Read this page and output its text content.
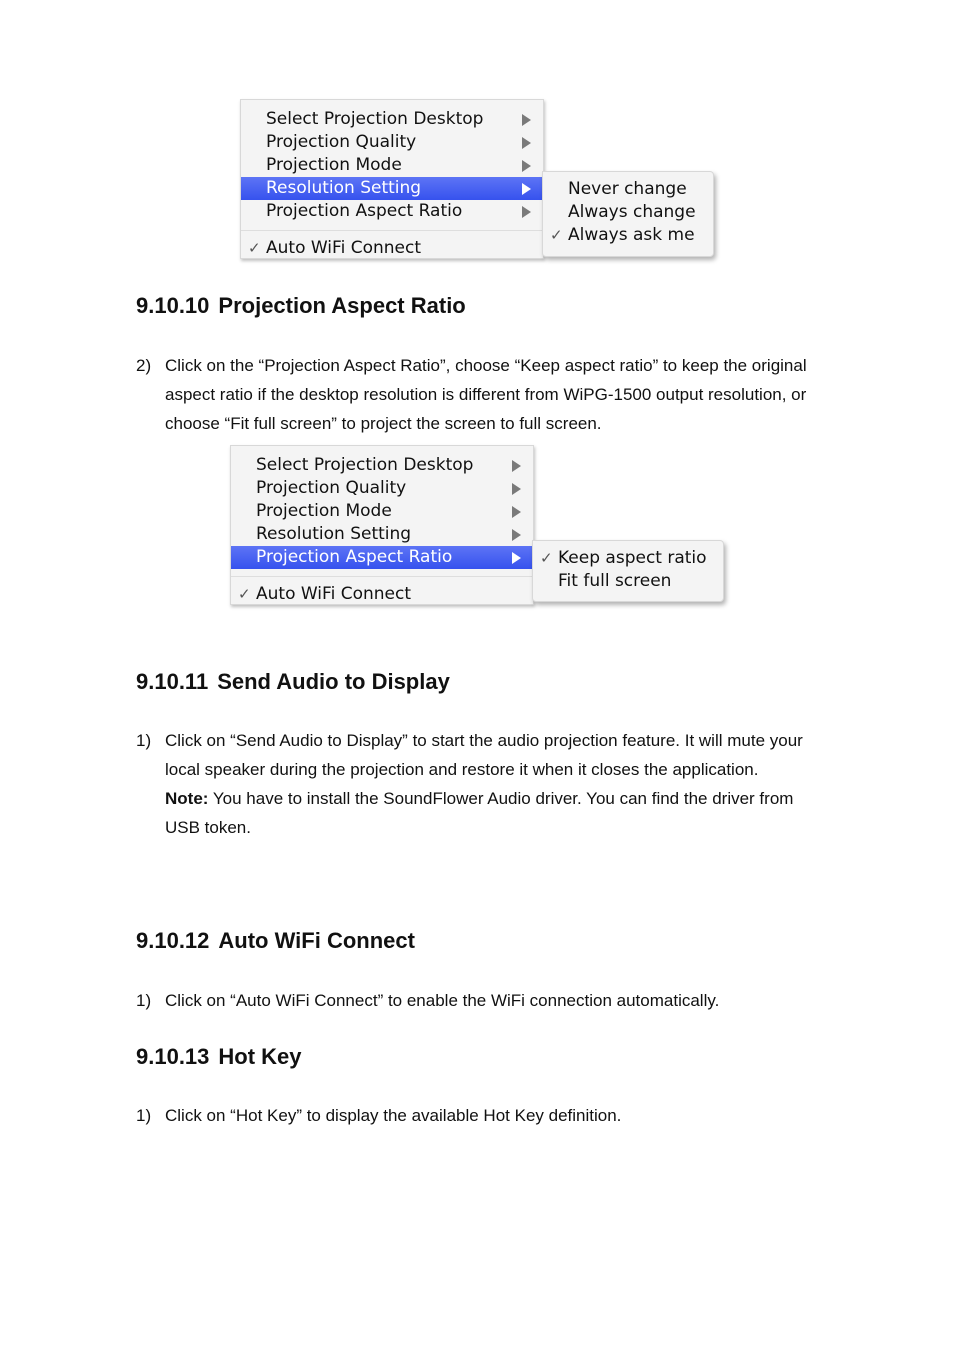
Select Projection Desktop
Projection Quality
Projection Mode
Resolution Setting
Projection Aspect Ratio
✓ Auto WiFi Connect
Never change
Always change
✓ Always ask me
9.10.10 Projection Aspect Ratio
2) Click on the “Projection Aspect Ratio”, choose “Keep aspect ratio” to keep the original aspect ratio if the desktop resolution is different from WiPG-1500 output resolution, or choose “Fit full screen” to project the screen to full screen.

Select Projection Desktop
Projection Quality
Projection Mode
Resolution Setting
Projection Aspect Ratio
✓ Auto WiFi Connect
✓ Keep aspect ratio
Fit full screen
9.10.11 Send Audio to Display
1) Click on “Send Audio to Display” to start the audio projection feature. It will mute your local speaker during the projection and restore it when it closes the application.

Note: You have to install the SoundFlower Audio driver. You can find the driver from USB token.

9.10.12 Auto WiFi Connect
1) Click on “Auto WiFi Connect” to enable the WiFi connection automatically.

9.10.13 Hot Key
1) Click on “Hot Key” to display the available Hot Key definition.
